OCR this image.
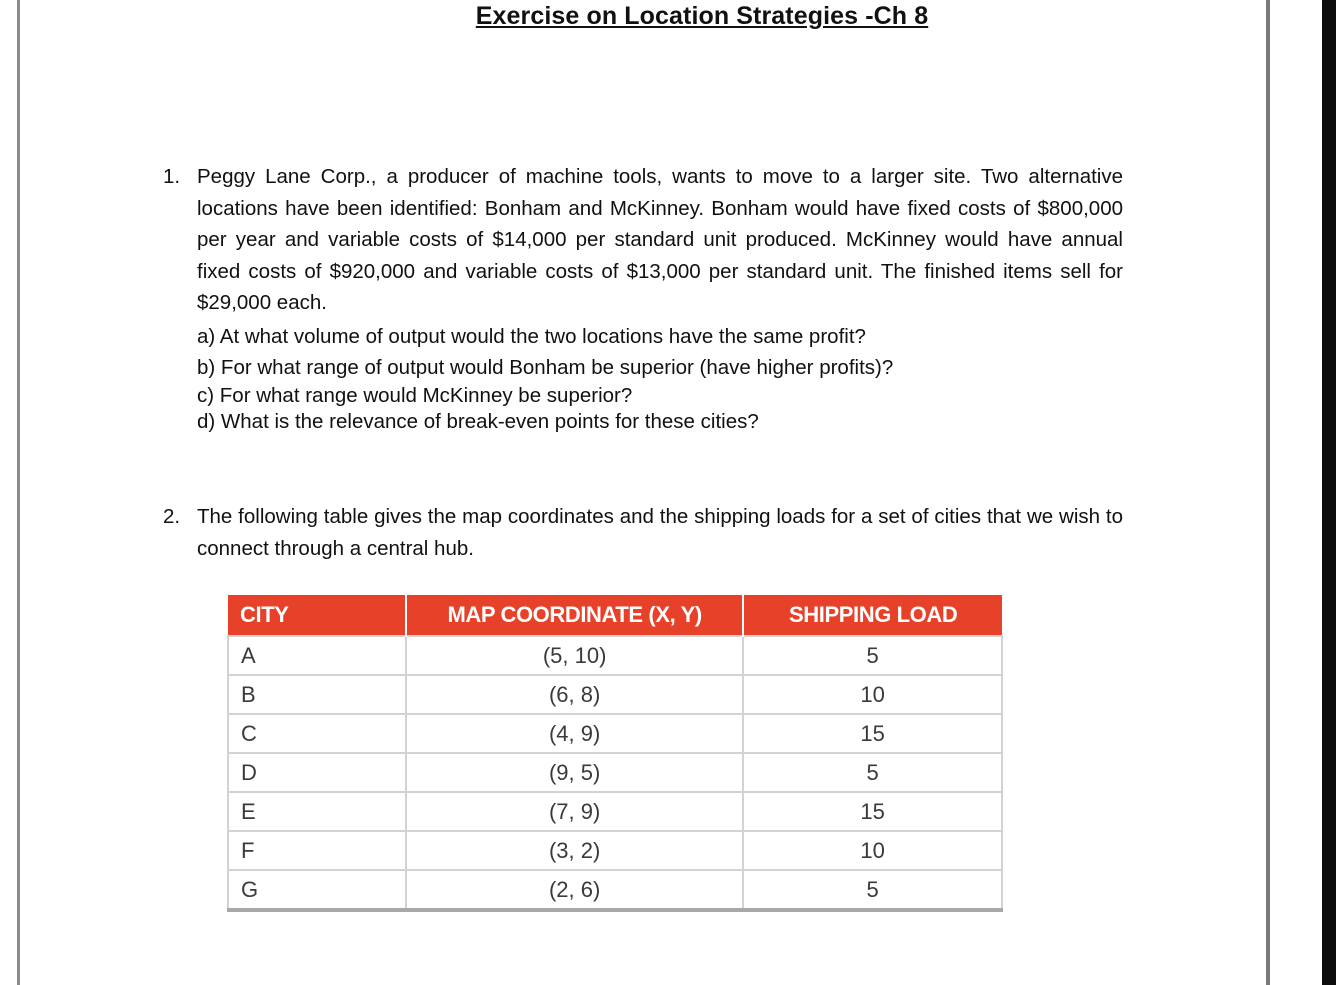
Exercise on Location Strategies -Ch 8
1. Peggy Lane Corp., a producer of machine tools, wants to move to a larger site. Two alternative locations have been identified: Bonham and McKinney. Bonham would have fixed costs of $800,000 per year and variable costs of $14,000 per standard unit produced. McKinney would have annual fixed costs of $920,000 and variable costs of $13,000 per standard unit. The finished items sell for $29,000 each.
a) At what volume of output would the two locations have the same profit?
b) For what range of output would Bonham be superior (have higher profits)?
c) For what range would McKinney be superior?
d) What is the relevance of break-even points for these cities?
2. The following table gives the map coordinates and the shipping loads for a set of cities that we wish to connect through a central hub.
CITY	MAP COORDINATE (X, Y)	SHIPPING LOAD
A	(5, 10)	5
B	(6, 8)	10
C	(4, 9)	15
D	(9, 5)	5
E	(7, 9)	15
F	(3, 2)	10
G	(2, 6)	5
